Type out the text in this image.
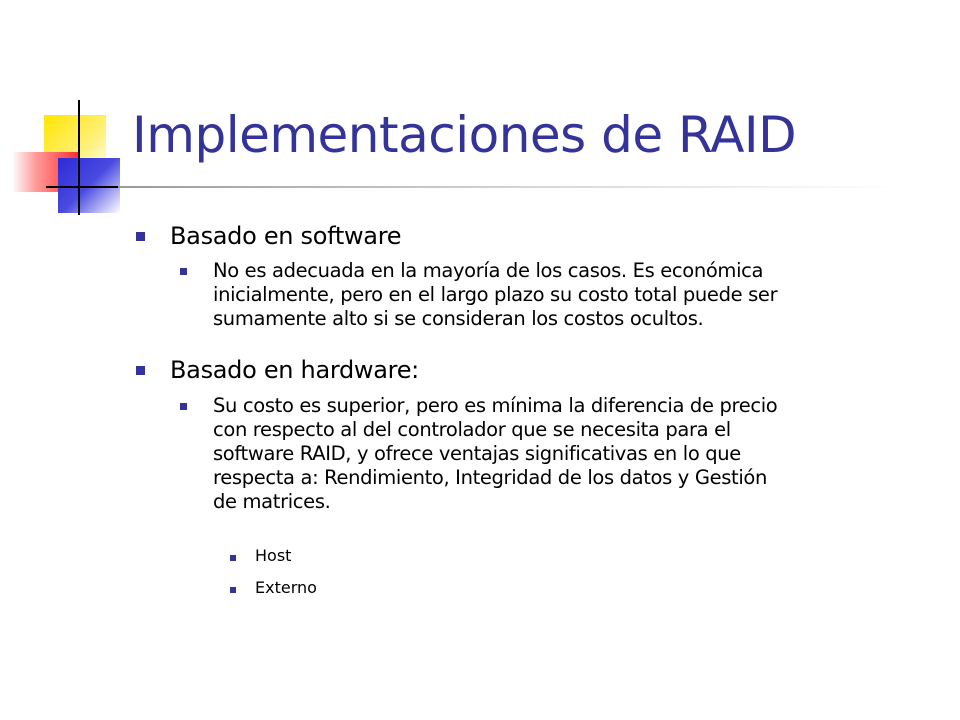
Implementaciones de RAID
Basado en software
No es adecuada en la mayoría de los casos. Es económica
inicialmente, pero en el largo plazo su costo total puede ser
sumamente alto si se consideran los costos ocultos.
Basado en hardware:
Su costo es superior, pero es mínima la diferencia de precio
con respecto al del controlador que se necesita para el
software RAID, y ofrece ventajas significativas en lo que
respecta a: Rendimiento, Integridad de los datos y Gestión
de matrices.
Host
Externo
